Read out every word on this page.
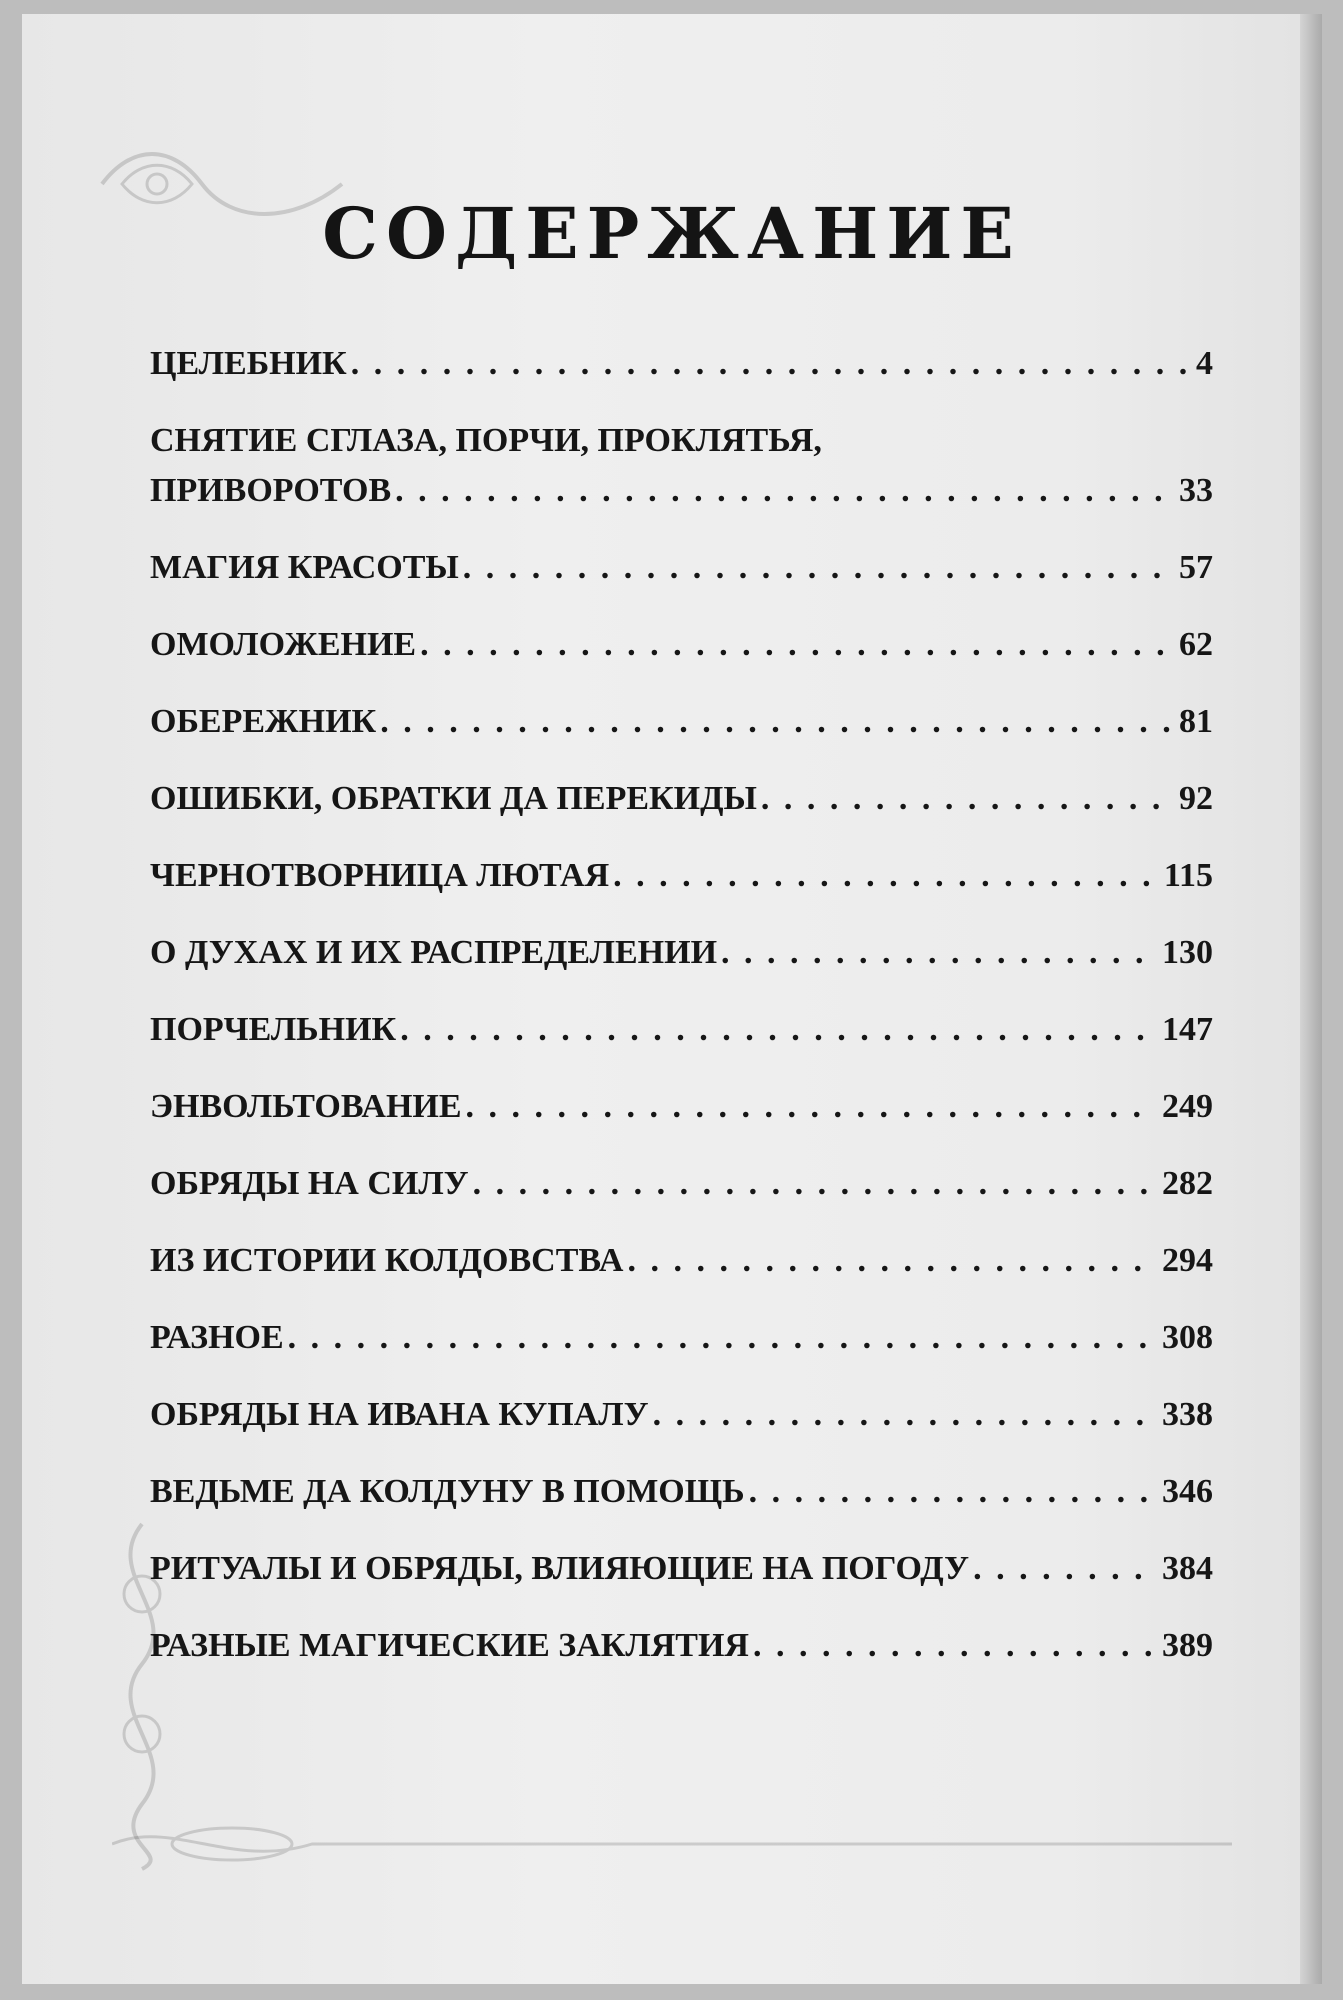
СОДЕРЖАНИЕ
ЦЕЛЕБНИК . . .	4
СНЯТИЕ СГЛАЗА, ПОРЧИ, ПРОКЛЯТЬЯ,
ПРИВОРОТОВ . . .	33
МАГИЯ КРАСОТЫ . . .	57
ОМОЛОЖЕНИЕ . . .	62
ОБЕРЕЖНИК . . .	81
ОШИБКИ, ОБРАТКИ ДА ПЕРЕКИДЫ . . .	92
ЧЕРНОТВОРНИЦА ЛЮТАЯ . . .	115
О ДУХАХ И ИХ РАСПРЕДЕЛЕНИИ . . .	130
ПОРЧЕЛЬНИК . . .	147
ЭНВОЛЬТОВАНИЕ . . .	249
ОБРЯДЫ НА СИЛУ . . .	282
ИЗ ИСТОРИИ КОЛДОВСТВА . . .	294
РАЗНОЕ . . .	308
ОБРЯДЫ НА ИВАНА КУПАЛУ . . .	338
ВЕДЬМЕ ДА КОЛДУНУ В ПОМОЩЬ . . .	346
РИТУАЛЫ И ОБРЯДЫ, ВЛИЯЮЩИЕ НА ПОГОДУ . . .	384
РАЗНЫЕ МАГИЧЕСКИЕ ЗАКЛЯТИЯ . . .	389
